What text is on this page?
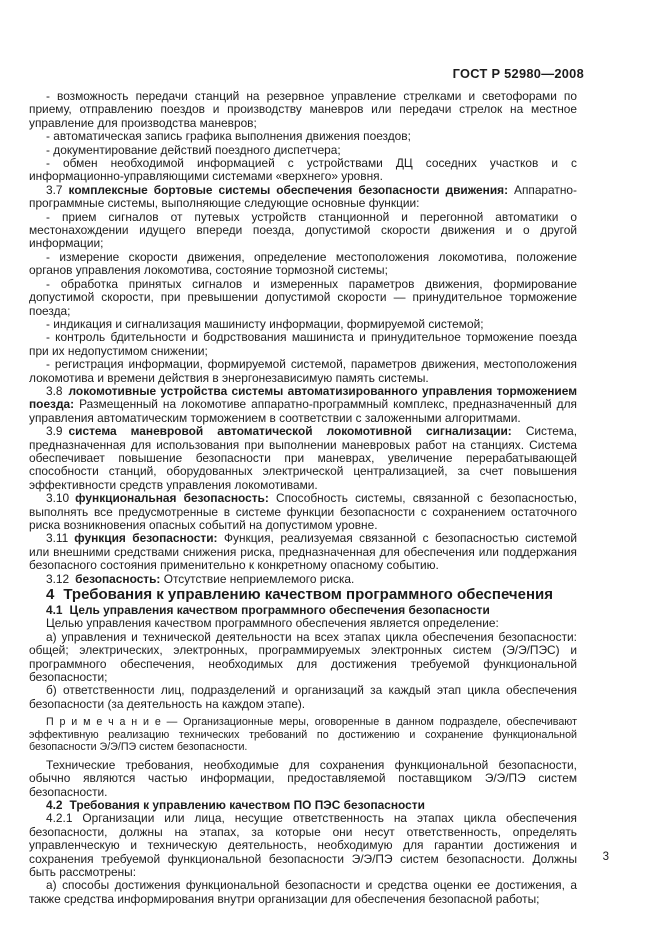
ГОСТ Р 52980—2008

- возможность передачи станций на резервное управление стрелками и светофорами по приему, отправлению поездов и производству маневров или передачи стрелок на местное управление для производства маневров;

- автоматическая запись графика выполнения движения поездов;

- документирование действий поездного диспетчера;

- обмен необходимой информацией с устройствами ДЦ соседних участков и с информационно-управляющими системами «верхнего» уровня.

3.7 комплексные бортовые системы обеспечения безопасности движения: Аппаратно-программные системы, выполняющие следующие основные функции:

- прием сигналов от путевых устройств станционной и перегонной автоматики о местонахождении идущего впереди поезда, допустимой скорости движения и о другой информации;

- измерение скорости движения, определение местоположения локомотива, положение органов управления локомотива, состояние тормозной системы;

- обработка принятых сигналов и измеренных параметров движения, формирование допустимой скорости, при превышении допустимой скорости — принудительное торможение поезда;

- индикация и сигнализация машинисту информации, формируемой системой;

- контроль бдительности и бодрствования машиниста и принудительное торможение поезда при их недопустимом снижении;

- регистрация информации, формируемой системой, параметров движения, местоположения локомотива и времени действия в энергонезависимую память системы.

3.8 локомотивные устройства системы автоматизированного управления торможением поезда: Размещенный на локомотиве аппаратно-программный комплекс, предназначенный для управления автоматическим торможением в соответствии с заложенными алгоритмами.

3.9 система маневровой автоматической локомотивной сигнализации: Система, предназначенная для использования при выполнении маневровых работ на станциях. Система обеспечивает повышение безопасности при маневрах, увеличение перерабатывающей способности станций, оборудованных электрической централизацией, за счет повышения эффективности средств управления локомотивами.

3.10 функциональная безопасность: Способность системы, связанной с безопасностью, выполнять все предусмотренные в системе функции безопасности с сохранением остаточного риска возникновения опасных событий на допустимом уровне.

3.11 функция безопасности: Функция, реализуемая связанной с безопасностью системой или внешними средствами снижения риска, предназначенная для обеспечения или поддержания безопасного состояния применительно к конкретному опасному событию.

3.12 безопасность: Отсутствие неприемлемого риска.

4 Требования к управлению качеством программного обеспечения

4.1 Цель управления качеством программного обеспечения безопасности

Целью управления качеством программного обеспечения является определение:

а) управления и технической деятельности на всех этапах цикла обеспечения безопасности: общей; электрических, электронных, программируемых электронных систем (Э/Э/ПЭС) и программного обеспечения, необходимых для достижения требуемой функциональной безопасности;

б) ответственности лиц, подразделений и организаций за каждый этап цикла обеспечения безопасности (за деятельность на каждом этапе).

П р и м е ч а н и е — Организационные меры, оговоренные в данном подразделе, обеспечивают эффективную реализацию технических требований по достижению и сохранение функциональной безопасности Э/Э/ПЭ систем безопасности.

Технические требования, необходимые для сохранения функциональной безопасности, обычно являются частью информации, предоставляемой поставщиком Э/Э/ПЭ систем безопасности.

4.2 Требования к управлению качеством ПО ПЭС безопасности

4.2.1 Организации или лица, несущие ответственность на этапах цикла обеспечения безопасности, должны на этапах, за которые они несут ответственность, определять управленческую и техническую деятельность, необходимую для гарантии достижения и сохранения требуемой функциональной безопасности Э/Э/ПЭ систем безопасности. Должны быть рассмотрены:

а) способы достижения функциональной безопасности и средства оценки ее достижения, а также средства информирования внутри организации для обеспечения безопасной работы;

3
